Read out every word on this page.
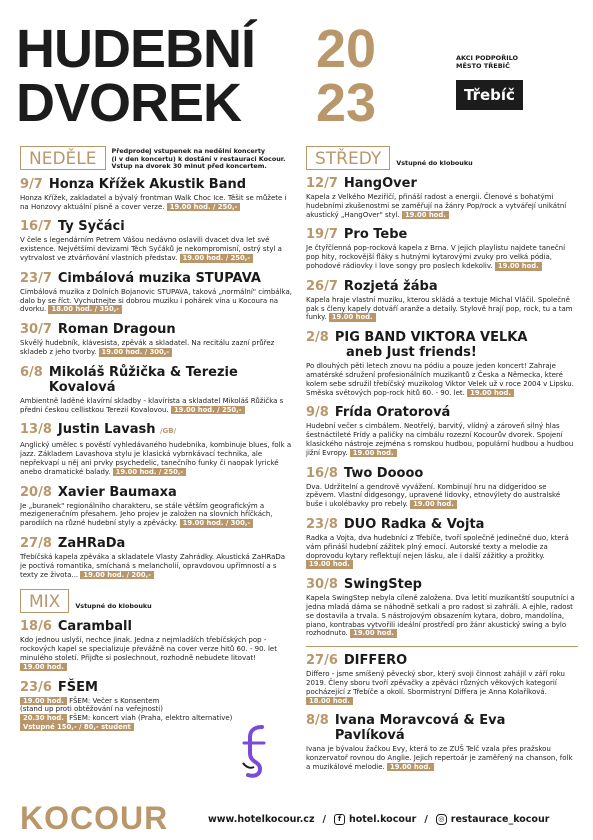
HUDEBNÍ
DVOREK
20
23
AKCI PODPOŘILO
MĚSTO TŘEBÍČ
Třebíč
NEDĚLE	Předprodej vstupenek na nedělní koncerty
(i v den koncertu) k dostání v restauraci Kocour.
Vstup na dvorek 30 minut před koncertem.
9/7 Honza Křížek Akustik Band
Honza Křížek, zakladatel a bývalý frontman Walk Choc Ice. Těšit se můžete i na Honzovy aktuální písně a cover verze. 19.00 hod. / 250,-
16/7 Ty Syčáci
V čele s legendárním Petrem Vášou nedávno oslavili dvacet dva let své existence. Největšími devizami Těch Syčáků je nekompromisní, ostrý styl a vytrvalost ve ztvárňování vlastních představ. 19.00 hod. / 250,-
23/7 Cimbálová muzika STUPAVA
Cimbálová muzika z Dolních Bojanovic STUPAVA, taková „normální" cimbálka, dalo by se říct. Vychutnejte si dobrou muziku i pohárek vína u Kocoura na dvorku. 18.00 hod. / 350,-
30/7 Roman Dragoun
Skvělý hudebník, klávesista, zpěvák a skladatel. Na recitálu zazní průřez skladeb z jeho tvorby. 19.00 hod. / 300,-
6/8 Mikoláš Růžička & Terezie Kovalová
Ambientně laděné klavírní skladby - klavírista a skladatel Mikoláš Růžička s předni českou cellistkou Terezií Kovalovou. 19.00 hod. / 250,-
13/8 Justin Lavash
/GB/
Anglický umělec s pověstí vyhledávaného hudebníka, kombinuje blues, folk a jazz. Základem Lavashova stylu je klasická vybrnkávací technika, ale nepřekvapí u něj ani prvky psychedelic, tanečního funky či naopak lyrické anebo dramatické balady. 19.00 hod. / 250,-
20/8 Xavier Baumaxa
Je „buranek" regionálního charakteru, se stále větším geografickým a mezigeneračním přesahem. Jeho projev je založen na slovních hříčkách, parodiích na různé hudební styly a zpěvácky. 19.00 hod. / 300,-
27/8 ZaHRaDa
Třebíčská kapela zpěváka a skladatele Vlasty Zahrádky. Akustická ZaHRaDa je poctivá romantika, smíchaná s melancholií, opravdovou upřímností a s texty ze života... 19.00 hod. / 200,-
MIX	Vstupné do klobouku
18/6 Caramball
Kdo jednou uslyší, nechce jinak. Jedna z nejmladších třebíčských pop -rockových kapel se specializuje převážně na cover verze hitů 60. - 90. let minulého století. Přijďte si poslechnout, rozhodně nebudete litovat!
19.00 hod.
23/6 FŠEM
19.00 hod. FŠEM: Večer s Konsentem
(stand up proti obtěžování na veřejnosti)
20.30 hod. FŠEM: koncert viah (Praha, elektro alternative)
Vstupné 150,- / 80,- student
STŘEDY	Vstupné do klobouku
12/7 HangOver
Kapela z Velkého Meziříčí, přináší radost a energii. Členové s bohatými hudebními zkušenostmi se zaměřují na žánry Pop/rock a vytvářejí unikátní akustický „HangOver" styl. 19.00 hod.
19/7 Pro Tebe
Je čtyřčlenná pop-rocková kapela z Brna. V jejich playlistu najdete taneční pop hity, rockovější fláky s hutnými kytarovými zvuky pro velká pódia, pohodové rádiovky i love songy pro poslech kdekoliv. 19.00 hod.
26/7 Rozjetá žába
Kapela hraje vlastní muziku, kterou skládá a textuje Michal Vláčil. Společně pak s členy kapely dotváří aranže a detaily. Stylově hrají pop, rock, tu a tam funky. 19.00 hod.
2/8 PIG BAND VIKTORA VELKA
aneb Just friends!
Po dlouhých pěti letech znovu na pódiu a pouze jeden koncert! Zahraje amatérské sdružení profesionálních muzikantů z Česka a Německa, které kolem sebe sdružil třebíčský muzikolog Viktor Velek už v roce 2004 v Lipsku. Směska světových pop-rock hitů 60. - 90. let. 19.00 hod.
9/8 Frída Oratorová
Hudební večer s cimbálem. Neotřelý, barvitý, vlídný a zároveň silný hlas šestnáctileté Frídy a paličky na cimbálu rozezní Kocourův dvorek. Spojení klasického nástroje zejména s romskou hudbou, populární hudbou a hudbou jižní Evropy. 19.00 hod.
16/8 Two Doooo
Dva. Udržitelní a gendrově vyvážení. Kombinují hru na didgeridoo se zpěvem. Vlastní didgesongy, upravené lidovky, etnovýlety do australské buše i ukolébavky pro rebely. 19.00 hod.
23/8 DUO Radka & Vojta
Radka a Vojta, dva hudebníci z Třebíče, tvoří společně jedinečné duo, která vám přináší hudební zážitek plný emocí. Autorské texty a melodie za doprovodu kytary reflektují nejen lásku, ale i další zážitky a prožitky. 19.00 hod.
30/8 SwingStep
Kapela SwingStep nebyla cíleně založena. Dva letití muzikantští souputníci a jedna mladá dáma se náhodně setkali a pro radost si zahráli. A ejhle, radost se dostavila a trvala. S nástrojovým obsazením kytara, dobro, mandolína, piano, kontrabas vytvořili ideální prostředí pro žánr akustický swing a bylo rozhodnuto. 19.00 hod.
27/6 DIFFERO
Differo - jsme smíšený pěvecký sbor, který svoji činnost zahájil v září roku 2019. Členy sboru tvoří zpěvačky a zpěváci různých věkových kategorií pocházející z Třebíče a okolí. Sbormistryní Differa je Anna Kolaříková. 18.00 hod.
8/8 Ivana Moravcová & Eva Pavlíková
Ivana je bývalou žačkou Evy, která to ze ZUŠ Telč vzala přes pražskou konzervatoř rovnou do Anglie. Jejich repertoár je zaměřený na chanson, folk a muzikálové melodie. 19.00 hod.
KOCOUR	www.hotelkocour.cz /	f hotel.kocour /	◎ restaurace_kocour
